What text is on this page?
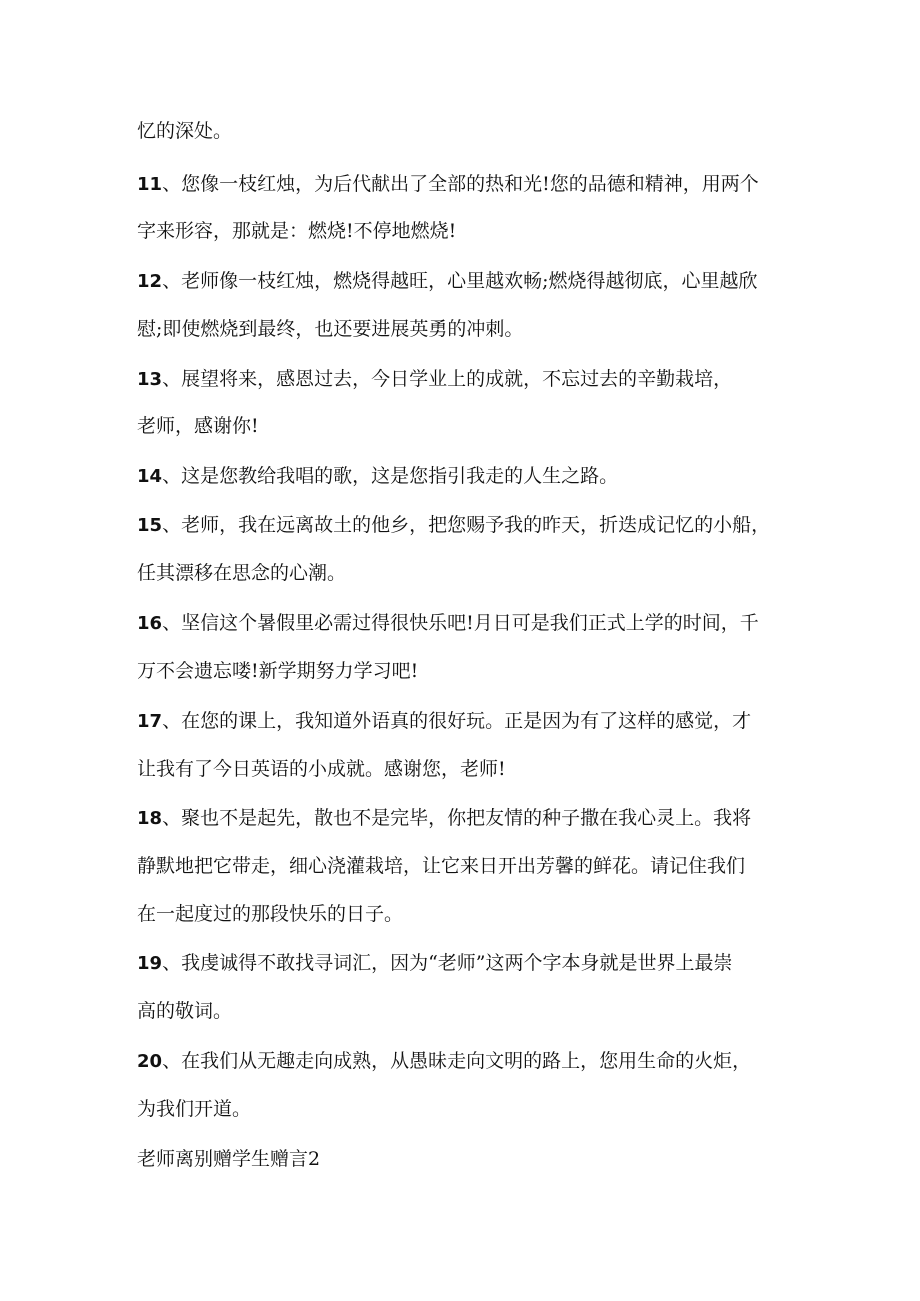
忆的深处。
11、您像一枝红烛，为后代献出了全部的热和光!您的品德和精神，用两个
字来形容，那就是：燃烧!不停地燃烧!
12、老师像一枝红烛，燃烧得越旺，心里越欢畅;燃烧得越彻底，心里越欣
慰;即使燃烧到最终，也还要进展英勇的冲刺。
13、展望将来，感恩过去，今日学业上的成就，不忘过去的辛勤栽培，
老师，感谢你!
14、这是您教给我唱的歌，这是您指引我走的人生之路。
15、老师，我在远离故土的他乡，把您赐予我的昨天，折迭成记忆的小船，
任其漂移在思念的心潮。
16、坚信这个暑假里必需过得很快乐吧!月日可是我们正式上学的时间，千
万不会遗忘喽!新学期努力学习吧!
17、在您的课上，我知道外语真的很好玩。正是因为有了这样的感觉，才
让我有了今日英语的小成就。感谢您，老师!
18、聚也不是起先，散也不是完毕，你把友情的种子撒在我心灵上。我将
静默地把它带走，细心浇灌栽培，让它来日开出芳馨的鲜花。请记住我们
在一起度过的那段快乐的日子。
19、我虔诚得不敢找寻词汇，因为“老师”这两个字本身就是世界上最崇
高的敬词。
20、在我们从无趣走向成熟，从愚昧走向文明的路上，您用生命的火炬，
为我们开道。
老师离别赠学生赠言2
